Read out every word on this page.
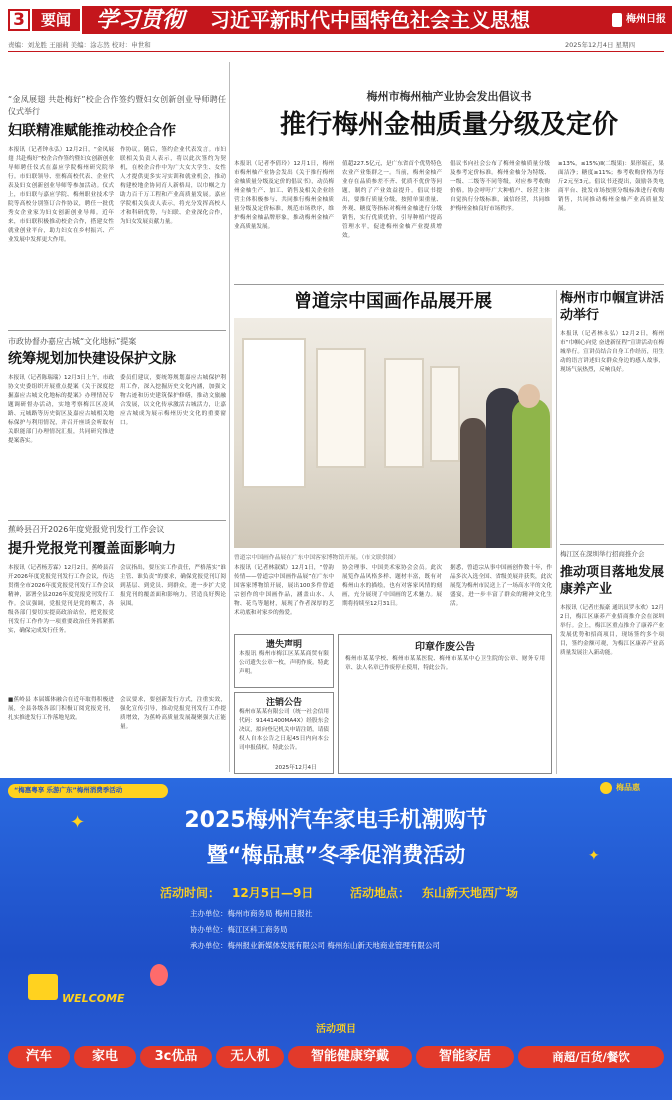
3	要闻	学习贯彻 习近平新时代中国特色社会主义思想	梅州日报
责编：刘龙胜 王丽莉 美编：涂志然 校对：申世和	2025年12月4日 星期四
“金凤展翅 共赴梅好”校企合作签约暨妇女创新创业导师聘任仪式举行
妇联精准赋能推动校企合作
本报讯（记者钟永弘）12月2日，“金凤展翅 共赴梅好”校企合作签约暨妇女创新创业导师聘任仪式在嘉应学院梅州研究院举行。市妇联领导、驻梅高校代表、企业代表及妇女创新创业导师等参加活动。仪式上，市妇联与嘉应学院、梅州职业技术学院等高校分别签订合作协议，聘任一批优秀女企业家为妇女创新创业导师。近年来，市妇联积极推动校企合作，搭建女性就业创业平台，助力妇女在乡村振兴、产业发展中发挥更大作用。
作协议。随后，签约企业代表发言。市妇联相关负责人表示，将以此次签约为契机，在校企合作中为广大女大学生、女性人才提供更多实习实训和就业机会，推动构建校地企协同育人新格局，以巾帼之力助力百千万工程和产业高质量发展。嘉应学院相关负责人表示，将充分发挥高校人才和科研优势，与妇联、企业深化合作，为妇女发展贡献力量。
市政协督办嘉应古城“文化地标”提案
统筹规划加快建设保护文脉
本报讯（记者陈瑞瑞）12月3日上午，市政协文史委组织开展重点提案《关于深度挖掘嘉应古城文化地标的提案》办理情况专题调研督办活动，实地考察梅江区凌风路、元城路等历史街区及嘉应古城相关地标保护与利用情况，并召开座谈会听取有关职能部门办理情况汇报，共同研究推进提案落实。
委员们建议，要统筹规划嘉应古城保护利用工作，深入挖掘历史文化内涵，加强文物古迹和历史建筑保护修缮，推动文旅融合发展，以文化传承激活古城活力，让嘉应古城成为展示梅州历史文化的重要窗口。
蕉岭县召开2026年度党报党刊发行工作会议
提升党报党刊覆盖面影响力
本报讯（记者杨芳霖）12月2日，蕉岭县召开2026年度党报党刊发行工作会议，传达贯彻全市2026年度党报党刊发行工作会议精神，部署全县2026年度党报党刊发行工作。会议强调，党报党刊是党的喉舌，各级各部门要切实提高政治站位，把党报党刊发行工作作为一项重要政治任务抓紧抓实，确保完成发行任务。
会议指出，要压实工作责任，严格落实“谁主管、谁负责”的要求，确保党报党刊订阅到基层、到党员、到群众，进一步扩大党报党刊的覆盖面和影响力，营造良好舆论氛围。
会议要求，要创新发行方式，注重实效，强化宣传引导，推动党报党刊发行工作提质增效，为蕉岭高质量发展凝聚强大正能量。
■蕉岭县 本届媒体融合在近年取得积极进展，全县各级各部门积极订阅党报党刊，扎实推进发行工作落地见效。
梅州市梅州柚产业协会发出倡议书
推行梅州金柚质量分级及定价
本报讯（记者李倩玲）12月1日，梅州市梅州柚产业协会发出《关于推行梅州金柚质量分级及定价的倡议书》，动员梅州金柚生产、加工、销售及相关企业经营主体积极参与、共同推行梅州金柚质量分级及定价标准，规范市场秩序，维护梅州金柚品牌形象，推动梅州金柚产业高质量发展。
值超227.5亿元，是广东省首个优势特色农业产业集群之一。当前，梅州金柚产业存在品质参差不齐、优质不优价等问题，制约了产业效益提升。倡议书提出，要推行质量分级，按照单果重量、外观、糖度等指标对梅州金柚进行分级销售，实行优质优价，引导种植户提高管理水平，促进梅州金柚产业提质增效。
倡议书向社会公布了梅州金柚质量分级及参考定价标准。梅州金柚分为特级、一级、二级等不同等级，对应参考收购价格。协会呼吁广大种植户、经营主体自觉执行分级标准，诚信经营，共同维护梅州金柚良好市场秩序。
≥13%，≤15%)Ⅱ(二级果)：果形端正，果面洁净；糖度≥11%；参考收购价格为每斤2元至3元。倡议书还提出，鼓励各类电商平台、批发市场按照分级标准进行收购销售，共同推动梅州金柚产业高质量发展。
曾道宗中国画作品展开展
曾道宗中国画作品展在广东中国客家博物馆开展。（市文联供图）
本报讯（记者林淑斌）12月1日，“曾韵传情——曾道宗中国画作品展”在广东中国客家博物馆开展，展出100多件曾道宗创作的中国画作品，涵盖山水、人物、花鸟等题材，展现了作者深厚的艺术功底和对家乡的热爱。
协会理事、中国美术家协会会员。此次展览作品风格多样、题材丰富，既有对梅州山水的描绘，也有对客家风情的刻画，充分展现了中国画的艺术魅力。展期将持续至12月31日。
据悉，曾道宗从事中国画创作数十年，作品多次入选全国、省级美展并获奖，此次展览为梅州市民送上了一场高水平的文化盛宴，进一步丰富了群众的精神文化生活。
遗失声明
本报讯 梅州市梅江区某某商贸有限公司遗失公章一枚，声明作废。特此声明。
注销公告
梅州市某某有限公司（统一社会信用代码：91441400MA4X）经股东会决议，拟向登记机关申请注销，请债权人自本公告之日起45日内向本公司申报债权。特此公告。
2025年12月4日
印章作废公告
梅州市某某学校、梅州市某某医院、梅州市某某中心卫生院的公章、财务专用章、法人名章已作废停止使用，特此公告。
梅州市巾帼宣讲活动举行
本报讯（记者林永弘）12月2日，梅州市“巾帼心向党 奋进新征程”宣讲活动在梅城举行。宣讲员结合自身工作经历，用生动的语言讲述妇女群众身边的感人故事，现场气氛热烈，反响良好。
梅江区在深圳举行招商推介会
推动项目落地发展康养产业
本报讯（记者庄振豪 通讯员罗永欢）12月2日，梅江区康养产业招商推介会在深圳举行。会上，梅江区重点推介了康养产业发展优势和招商项目，现场签约多个项目，签约金额可观，为梅江区康养产业高质量发展注入新动能。
“梅惠粤享 乐游广东”梅州消费季活动	梅品惠
2025梅州汽车家电手机潮购节
暨“梅品惠”冬季促消费活动
✦
✦
活动时间： 12月5日—9日	活动地点： 东山新天地西广场
主办单位：梅州市商务局 梅州日报社
协办单位：梅江区科工商务局
承办单位：梅州报业新媒体发展有限公司 梅州东山新天地商业管理有限公司
WELCOME
活动项目
汽车	家电	3c优品	无人机	智能健康穿戴	智能家居	商超/百货/餐饮
